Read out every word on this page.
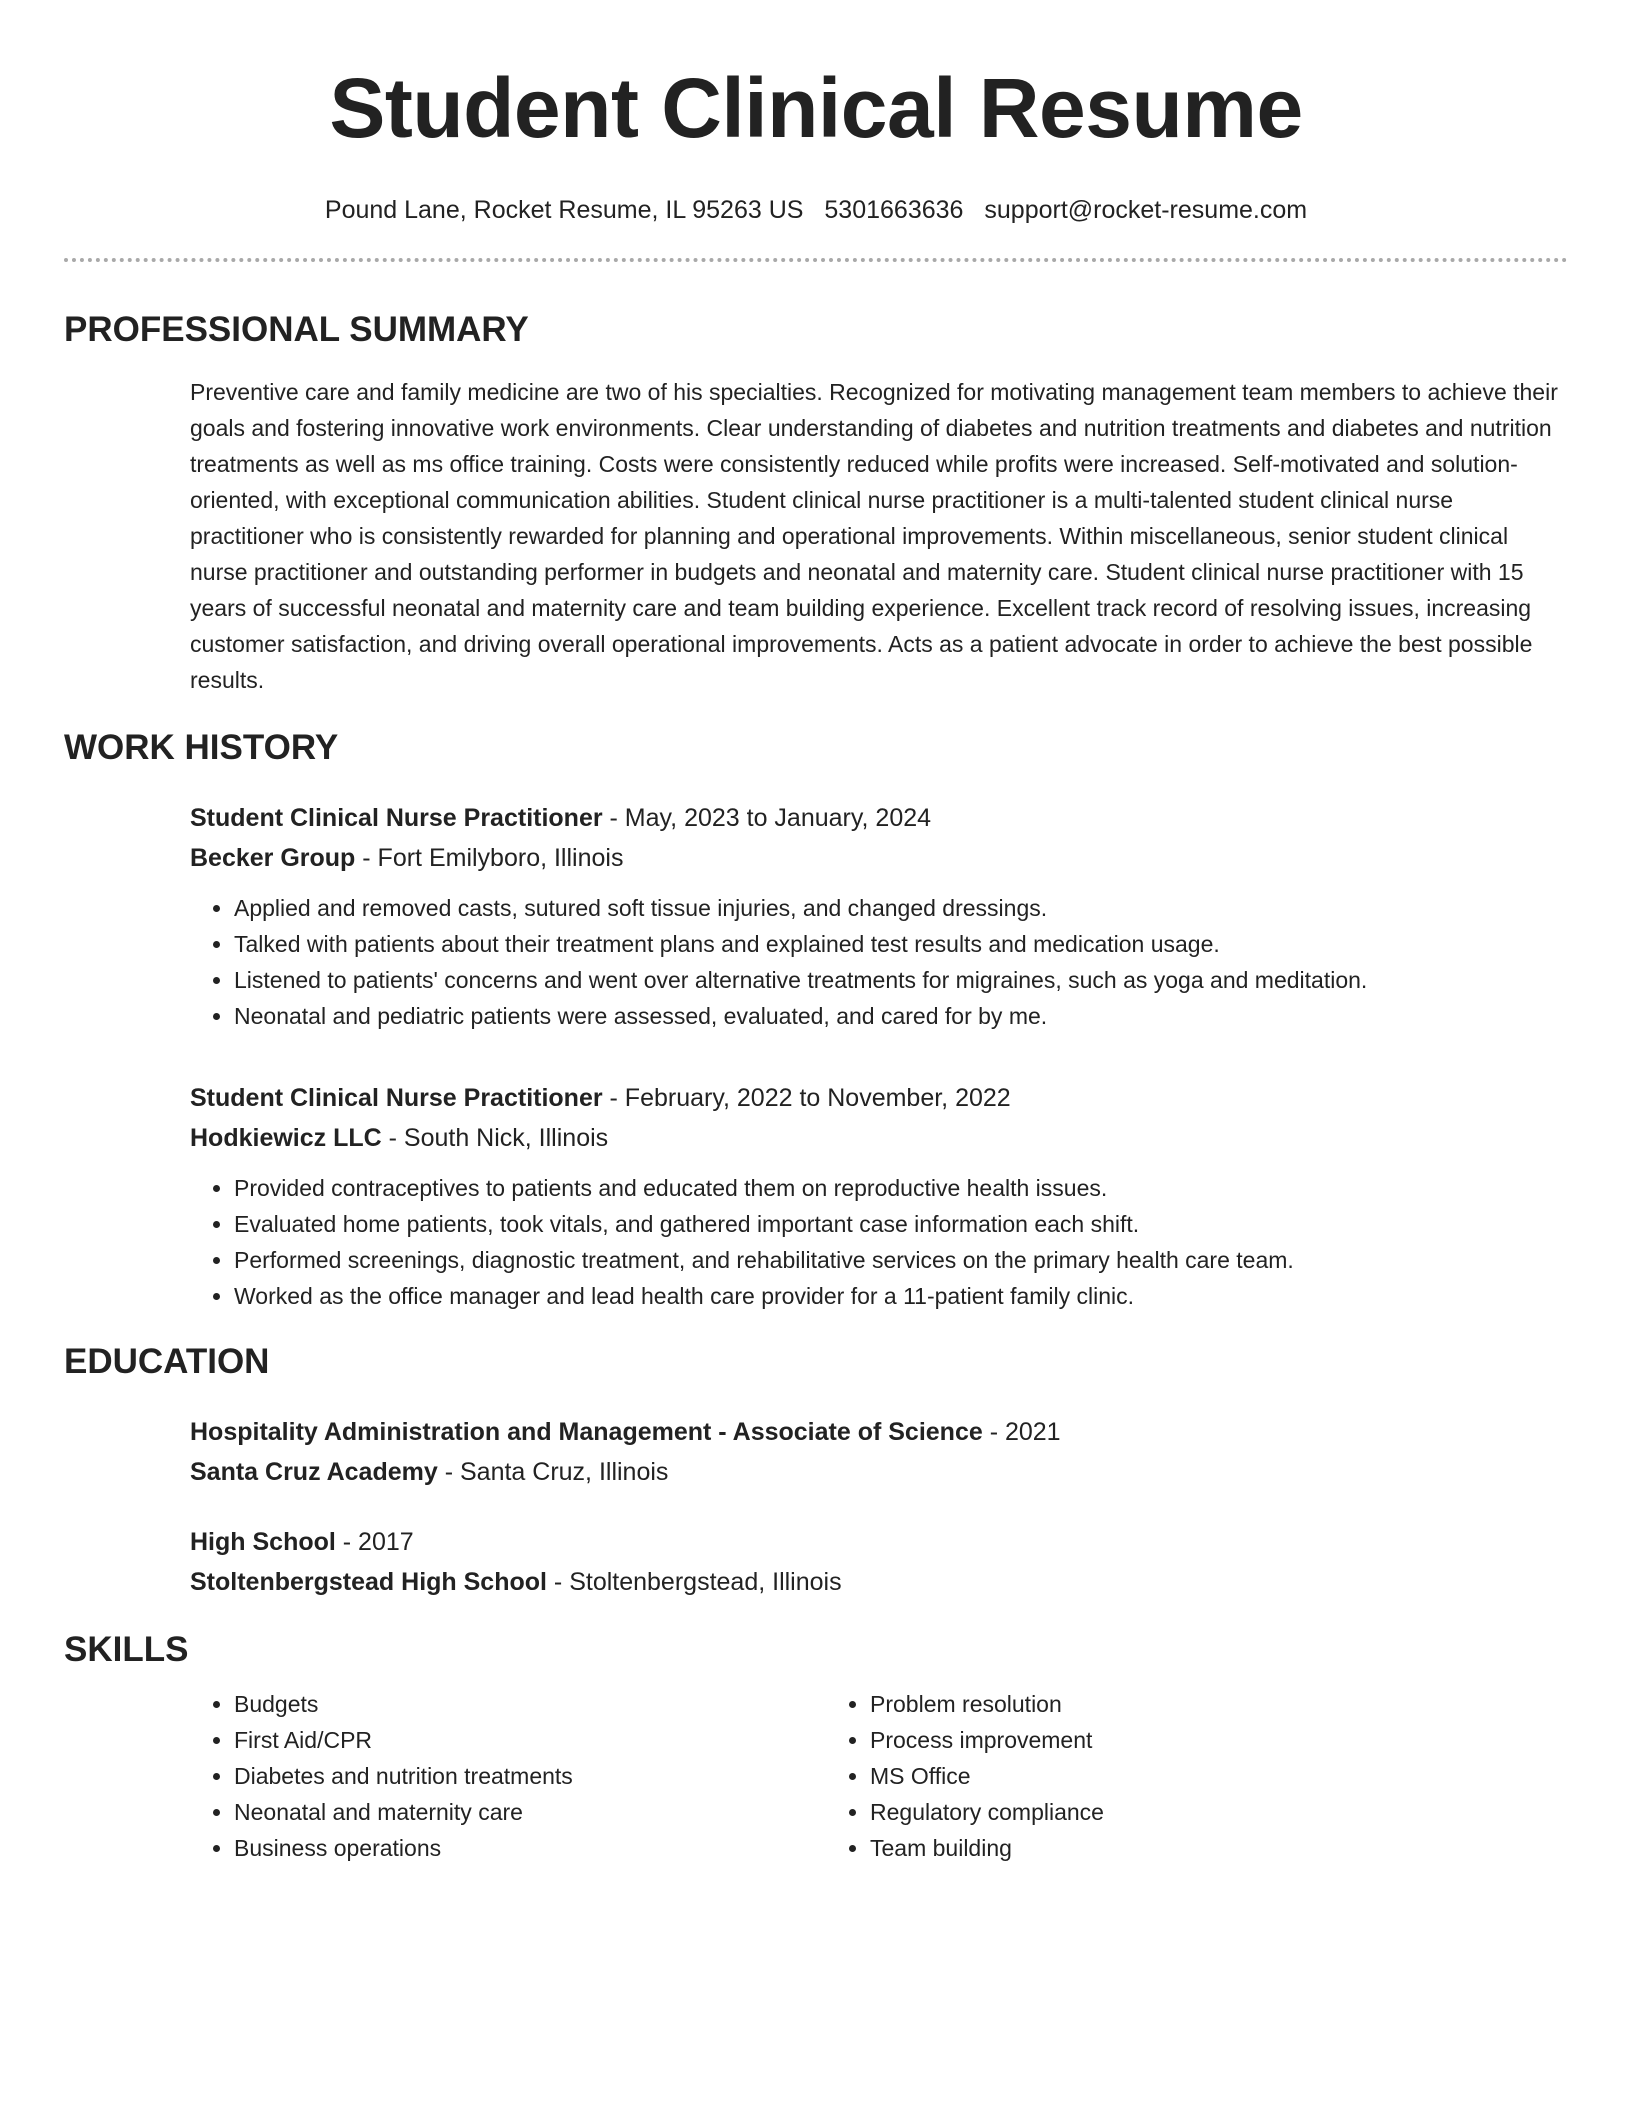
Student Clinical Resume
Pound Lane, Rocket Resume, IL 95263 US 5301663636 support@rocket-resume.com
PROFESSIONAL SUMMARY

Preventive care and family medicine are two of his specialties. Recognized for motivating management team members to achieve their goals and fostering innovative work environments. Clear understanding of diabetes and nutrition treatments and diabetes and nutrition treatments as well as ms office training. Costs were consistently reduced while profits were increased. Self-motivated and solution-oriented, with exceptional communication abilities. Student clinical nurse practitioner is a multi-talented student clinical nurse practitioner who is consistently rewarded for planning and operational improvements. Within miscellaneous, senior student clinical nurse practitioner and outstanding performer in budgets and neonatal and maternity care. Student clinical nurse practitioner with 15 years of successful neonatal and maternity care and team building experience. Excellent track record of resolving issues, increasing customer satisfaction, and driving overall operational improvements. Acts as a patient advocate in order to achieve the best possible results.

WORK HISTORY
Student Clinical Nurse Practitioner - May, 2023 to January, 2024
Becker Group - Fort Emilyboro, Illinois
• Applied and removed casts, sutured soft tissue injuries, and changed dressings.
• Talked with patients about their treatment plans and explained test results and medication usage.
• Listened to patients' concerns and went over alternative treatments for migraines, such as yoga and meditation.
• Neonatal and pediatric patients were assessed, evaluated, and cared for by me.
Student Clinical Nurse Practitioner - February, 2022 to November, 2022
Hodkiewicz LLC - South Nick, Illinois
• Provided contraceptives to patients and educated them on reproductive health issues.
• Evaluated home patients, took vitals, and gathered important case information each shift.
• Performed screenings, diagnostic treatment, and rehabilitative services on the primary health care team.
• Worked as the office manager and lead health care provider for a 11-patient family clinic.
EDUCATION
Hospitality Administration and Management - Associate of Science - 2021
Santa Cruz Academy - Santa Cruz, Illinois
High School - 2017
Stoltenbergstead High School - Stoltenbergstead, Illinois
SKILLS
• Budgets
• First Aid/CPR
• Diabetes and nutrition treatments
• Neonatal and maternity care
• Business operations
• Problem resolution
• Process improvement
• MS Office
• Regulatory compliance
• Team building
